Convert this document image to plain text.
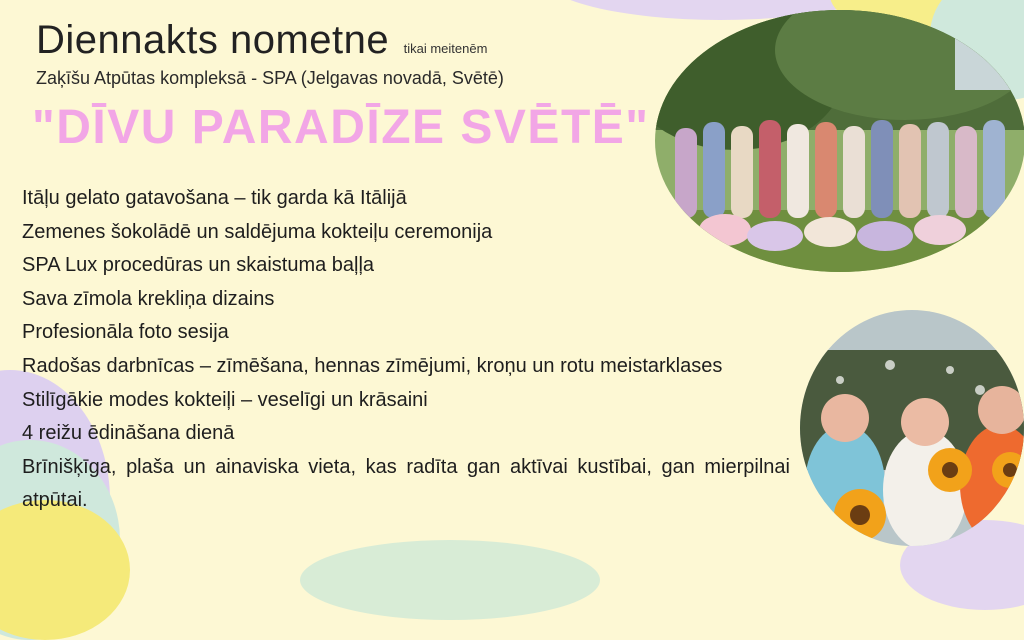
Diennakts nometne tikai meitenēm
Zaķīšu Atpūtas kompleksā - SPA (Jelgavas novadā, Svētē)
"DĪVU PARADĪZE SVĒTĒ"
Itāļu gelato gatavošana – tik garda kā Itālijā
Zemenes šokolādē un saldējuma kokteiļu ceremonija
SPA Lux procedūras un skaistuma baļļa
Sava zīmola krekliņa dizains
Profesionāla foto sesija
Radošas darbnīcas – zīmēšana, hennas zīmējumi, kroņu un rotu meistarklases
Stilīgākie modes kokteiļi – veselīgi un krāsaini
4 reižu ēdināšana dienā
Brīnišķīga, plaša un ainaviska vieta, kas radīta gan aktīvai kustībai, gan mierpilnai atpūtai.
